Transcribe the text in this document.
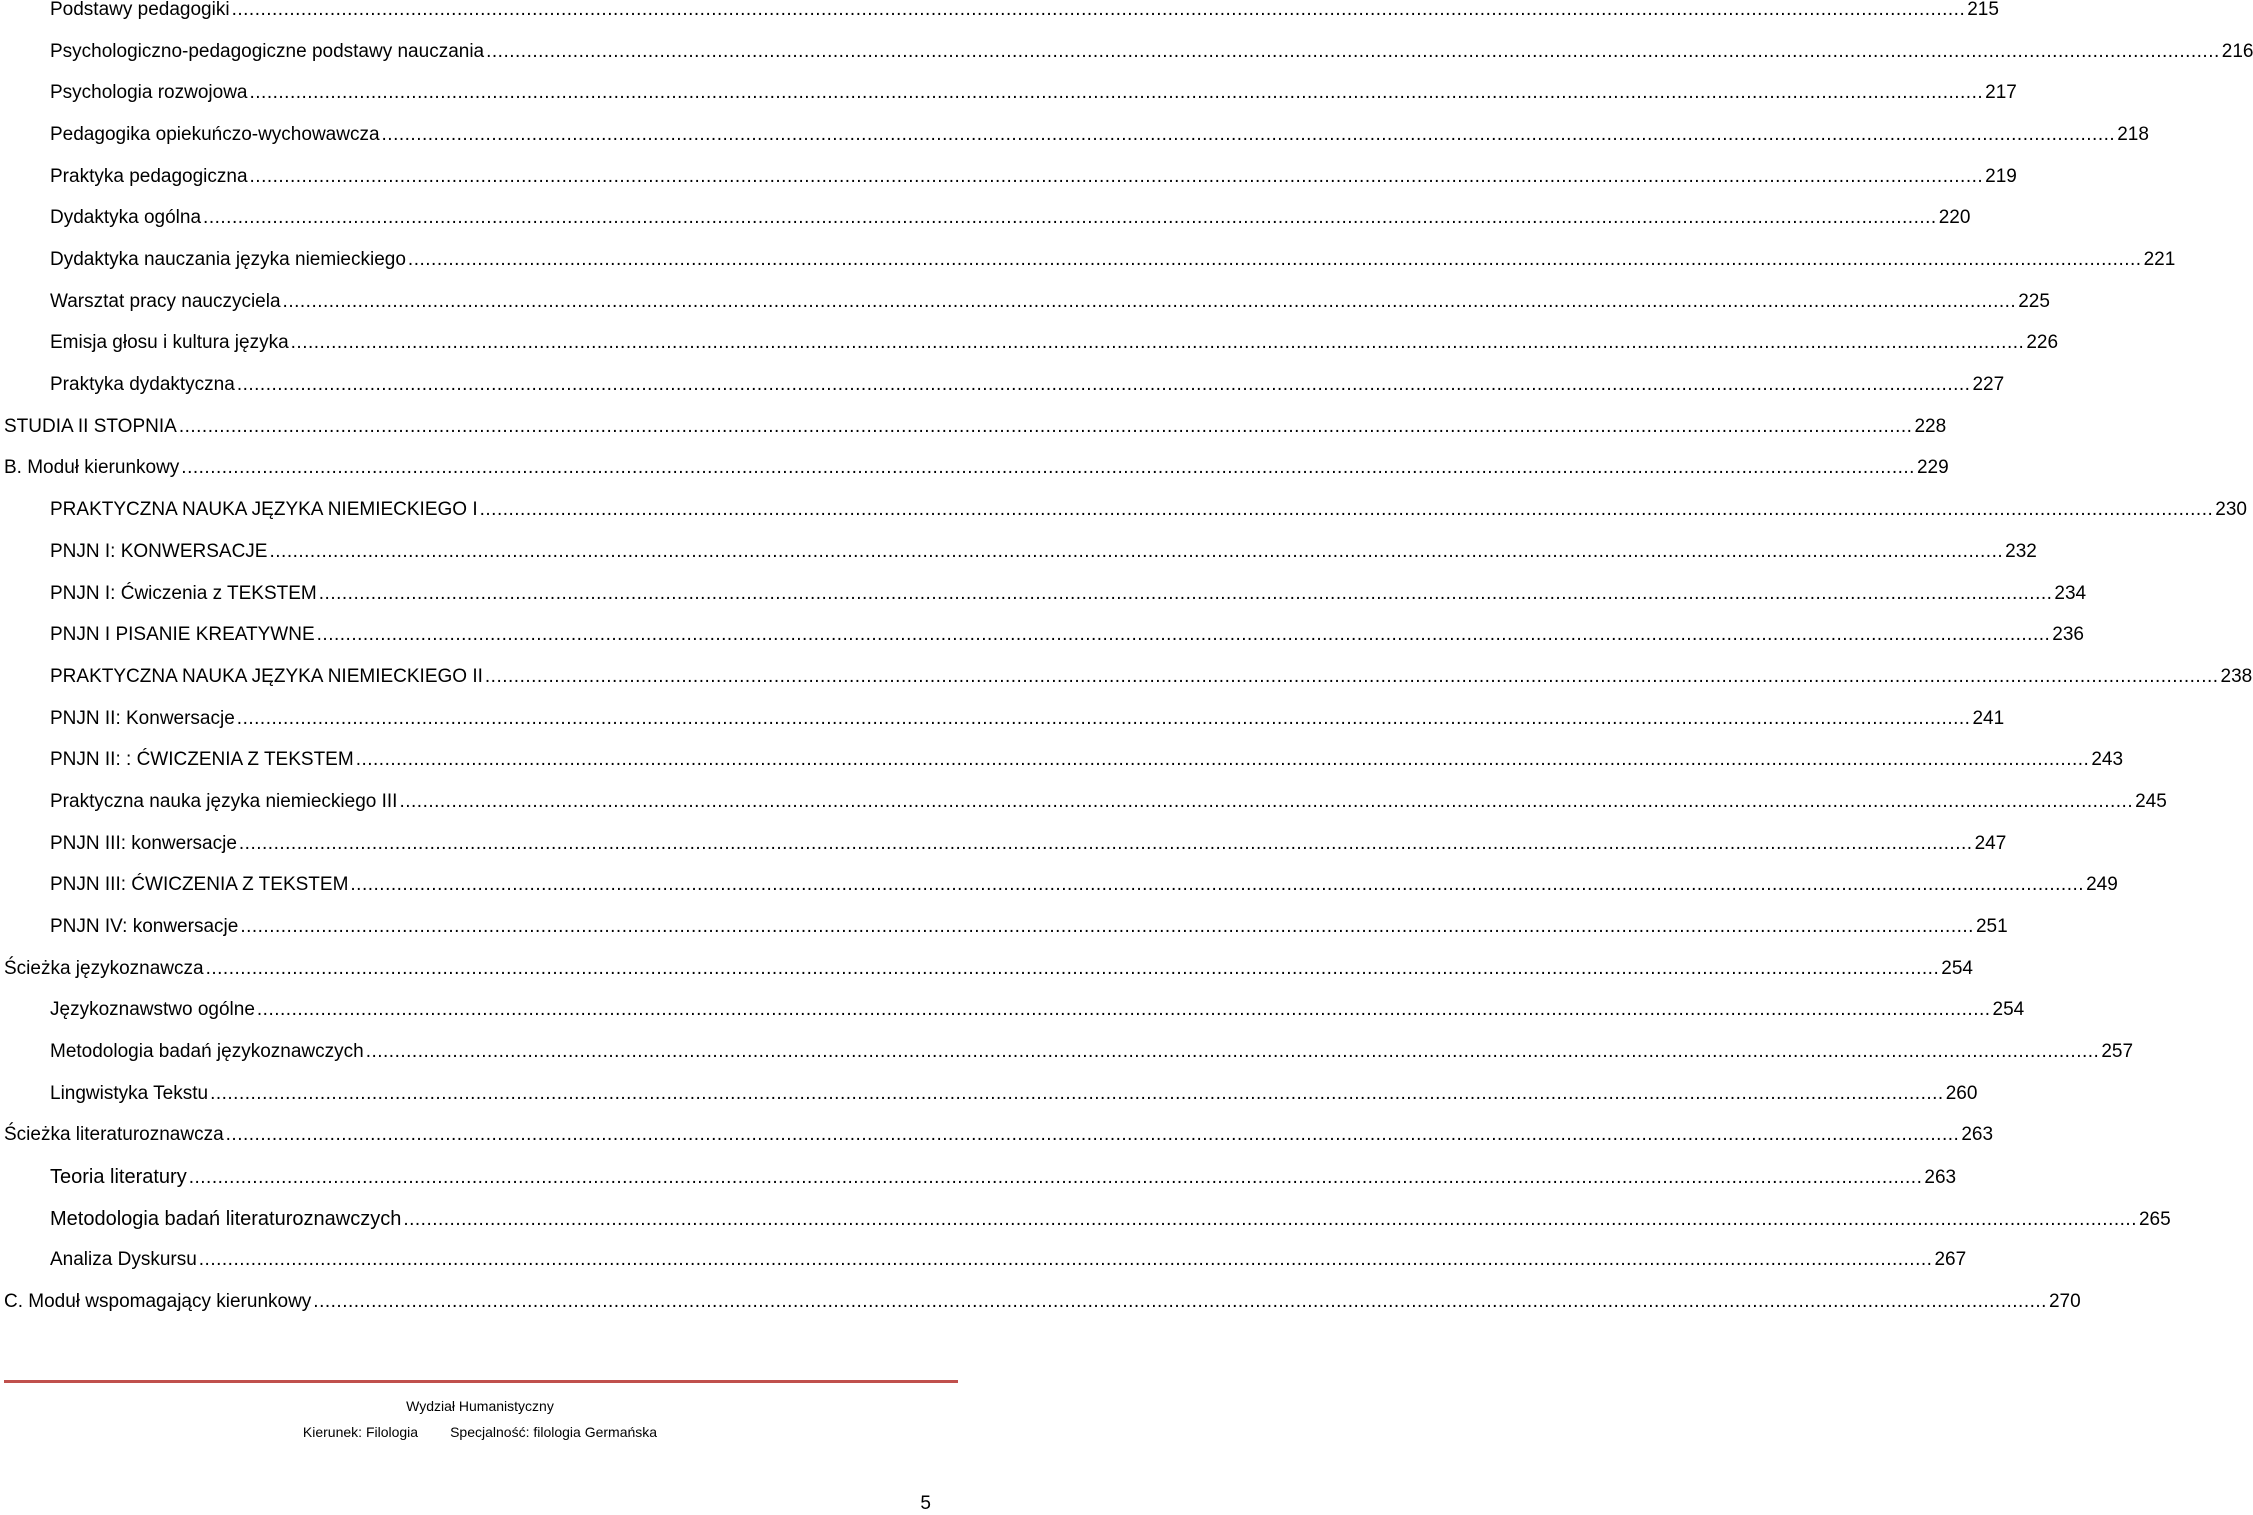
Podstawy pedagogiki ............................................................................................................................................................................................................................................................................................................ 215
Psychologiczno-pedagogiczne podstawy nauczania ............................................................................................................................................................................................................................................................................................................ 216
Psychologia rozwojowa ............................................................................................................................................................................................................................................................................................................ 217
Pedagogika opiekuńczo-wychowawcza ............................................................................................................................................................................................................................................................................................................ 218
Praktyka pedagogiczna ............................................................................................................................................................................................................................................................................................................ 219
Dydaktyka ogólna ............................................................................................................................................................................................................................................................................................................ 220
Dydaktyka nauczania języka niemieckiego ............................................................................................................................................................................................................................................................................................................ 221
Warsztat pracy nauczyciela ............................................................................................................................................................................................................................................................................................................ 225
Emisja głosu i kultura języka ............................................................................................................................................................................................................................................................................................................ 226
Praktyka dydaktyczna ............................................................................................................................................................................................................................................................................................................ 227
STUDIA II STOPNIA ............................................................................................................................................................................................................................................................................................................ 228
B. Moduł kierunkowy ............................................................................................................................................................................................................................................................................................................ 229
PRAKTYCZNA NAUKA JĘZYKA NIEMIECKIEGO I ............................................................................................................................................................................................................................................................................................................ 230
PNJN I: KONWERSACJE ............................................................................................................................................................................................................................................................................................................ 232
PNJN I: Ćwiczenia z TEKSTEM ............................................................................................................................................................................................................................................................................................................ 234
PNJN I PISANIE KREATYWNE ............................................................................................................................................................................................................................................................................................................ 236
PRAKTYCZNA NAUKA JĘZYKA NIEMIECKIEGO II ............................................................................................................................................................................................................................................................................................................ 238
PNJN II: Konwersacje ............................................................................................................................................................................................................................................................................................................ 241
PNJN II: : ĆWICZENIA Z TEKSTEM ............................................................................................................................................................................................................................................................................................................ 243
Praktyczna nauka języka niemieckiego III ............................................................................................................................................................................................................................................................................................................ 245
PNJN III: konwersacje ............................................................................................................................................................................................................................................................................................................ 247
PNJN III: ĆWICZENIA Z TEKSTEM ............................................................................................................................................................................................................................................................................................................ 249
PNJN IV: konwersacje ............................................................................................................................................................................................................................................................................................................ 251
Ścieżka językoznawcza ............................................................................................................................................................................................................................................................................................................ 254
Językoznawstwo ogólne ............................................................................................................................................................................................................................................................................................................ 254
Metodologia badań językoznawczych ............................................................................................................................................................................................................................................................................................................ 257
Lingwistyka Tekstu ............................................................................................................................................................................................................................................................................................................ 260
Ścieżka literaturoznawcza ............................................................................................................................................................................................................................................................................................................ 263
Teoria literatury ............................................................................................................................................................................................................................................................................................................ 263
Metodologia badań literaturoznawczych ............................................................................................................................................................................................................................................................................................................ 265
Analiza Dyskursu ............................................................................................................................................................................................................................................................................................................ 267
C. Moduł wspomagający kierunkowy ............................................................................................................................................................................................................................................................................................................ 270
Wydział Humanistyczny
Kierunek: Filologia Specjalność: filologia Germańska
5
